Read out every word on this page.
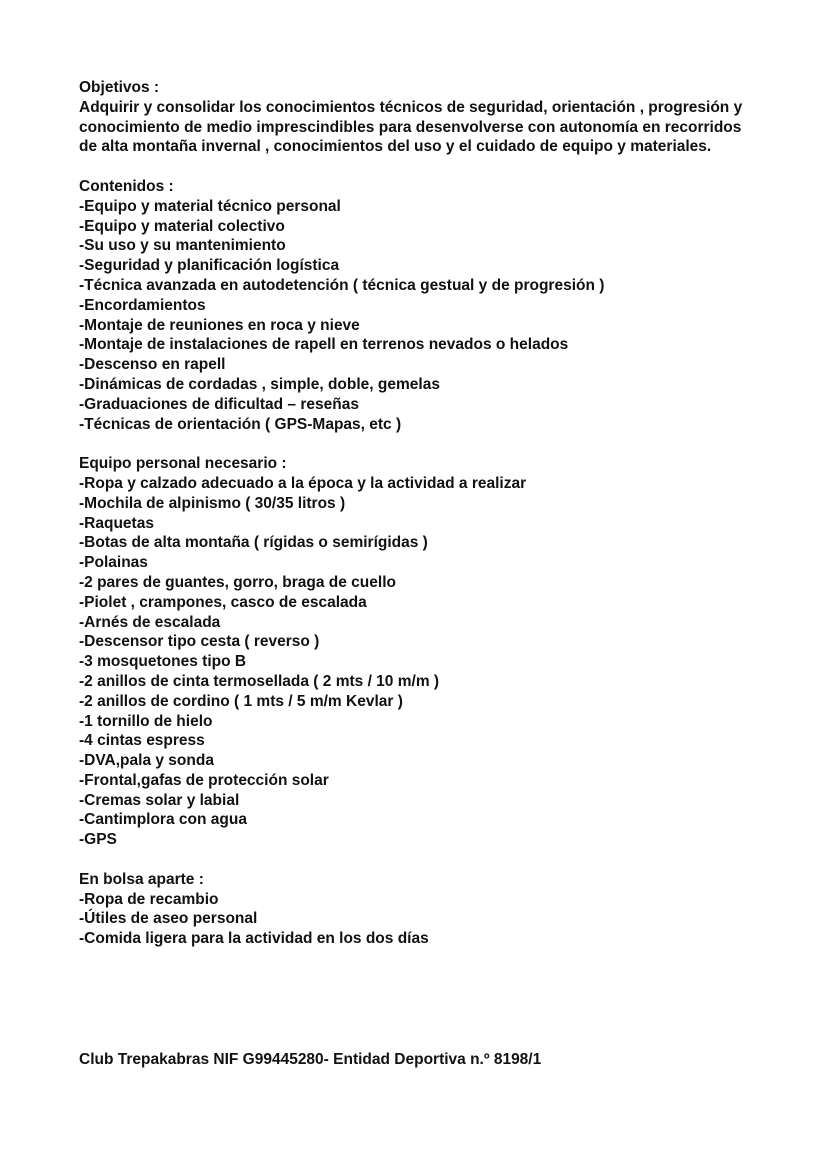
Objetivos :
Adquirir y consolidar los conocimientos técnicos de seguridad, orientación , progresión y conocimiento de medio imprescindibles para desenvolverse con autonomía en recorridos de alta montaña invernal , conocimientos del uso y el cuidado de equipo y materiales.
Contenidos :
-Equipo y material técnico personal
-Equipo y material colectivo
-Su uso y su mantenimiento
-Seguridad y planificación logística
-Técnica avanzada en autodetención ( técnica gestual y de progresión )
-Encordamientos
-Montaje de reuniones en roca y nieve
-Montaje de instalaciones de rapell en terrenos nevados o helados
-Descenso en rapell
-Dinámicas de cordadas , simple, doble, gemelas
-Graduaciones de dificultad – reseñas
-Técnicas de orientación ( GPS-Mapas, etc )
Equipo personal necesario :
-Ropa y calzado adecuado a la época y la actividad a realizar
-Mochila de alpinismo ( 30/35 litros )
-Raquetas
-Botas de alta montaña ( rígidas o semirígidas )
-Polainas
-2 pares de guantes, gorro, braga de cuello
-Piolet , crampones, casco de escalada
-Arnés de escalada
-Descensor tipo cesta ( reverso )
-3 mosquetones tipo B
-2 anillos de cinta termosellada ( 2 mts / 10 m/m )
-2 anillos de cordino ( 1 mts / 5 m/m Kevlar )
-1 tornillo de hielo
-4 cintas espress
-DVA,pala y sonda
-Frontal,gafas de protección solar
-Cremas solar y labial
-Cantimplora con agua
-GPS
En bolsa aparte :
-Ropa de recambio
-Útiles de aseo personal
-Comida ligera para la actividad en los dos días
Club Trepakabras NIF G99445280- Entidad Deportiva n.º 8198/1
